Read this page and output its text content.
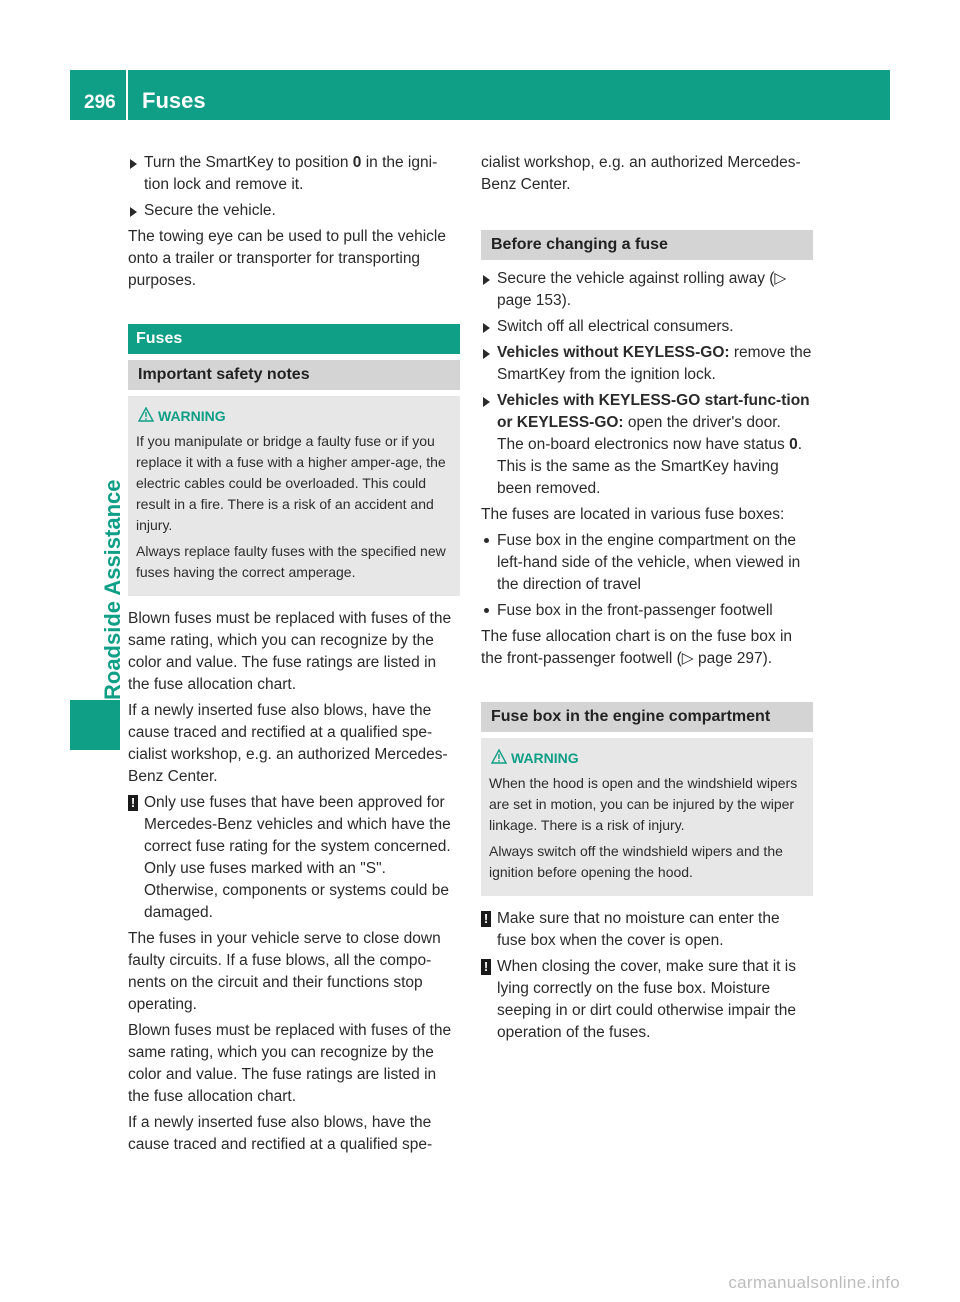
296 Fuses
Roadside Assistance
Turn the SmartKey to position 0 in the igni-tion lock and remove it.
Secure the vehicle.

The towing eye can be used to pull the vehicle onto a trailer or transporter for transporting purposes.

Fuses
Important safety notes
WARNING

If you manipulate or bridge a faulty fuse or if you replace it with a fuse with a higher amper-age, the electric cables could be overloaded. This could result in a fire. There is a risk of an accident and injury.

Always replace faulty fuses with the specified new fuses having the correct amperage.

Blown fuses must be replaced with fuses of the same rating, which you can recognize by the color and value. The fuse ratings are listed in the fuse allocation chart.

If a newly inserted fuse also blows, have the cause traced and rectified at a qualified spe-cialist workshop, e.g. an authorized Mercedes-Benz Center.

! Only use fuses that have been approved for Mercedes-Benz vehicles and which have the correct fuse rating for the system concerned. Only use fuses marked with an "S". Otherwise, components or systems could be damaged.

The fuses in your vehicle serve to close down faulty circuits. If a fuse blows, all the compo-nents on the circuit and their functions stop operating.

Blown fuses must be replaced with fuses of the same rating, which you can recognize by the color and value. The fuse ratings are listed in the fuse allocation chart.

If a newly inserted fuse also blows, have the cause traced and rectified at a qualified spe-

cialist workshop, e.g. an authorized Mercedes-Benz Center.

Before changing a fuse
Secure the vehicle against rolling away (▷ page 153).
Switch off all electrical consumers.
Vehicles without KEYLESS-GO: remove the SmartKey from the ignition lock.
Vehicles with KEYLESS-GO start-func-tion or KEYLESS-GO: open the driver's door.
The on-board electronics now have status 0. This is the same as the SmartKey having been removed.

The fuses are located in various fuse boxes:

Fuse box in the engine compartment on the left-hand side of the vehicle, when viewed in the direction of travel
Fuse box in the front-passenger footwell

The fuse allocation chart is on the fuse box in the front-passenger footwell (▷ page 297).

Fuse box in the engine compartment
WARNING

When the hood is open and the windshield wipers are set in motion, you can be injured by the wiper linkage. There is a risk of injury.

Always switch off the windshield wipers and the ignition before opening the hood.

! Make sure that no moisture can enter the fuse box when the cover is open.
! When closing the cover, make sure that it is lying correctly on the fuse box. Moisture seeping in or dirt could otherwise impair the operation of the fuses.
carmanualsonline.info
